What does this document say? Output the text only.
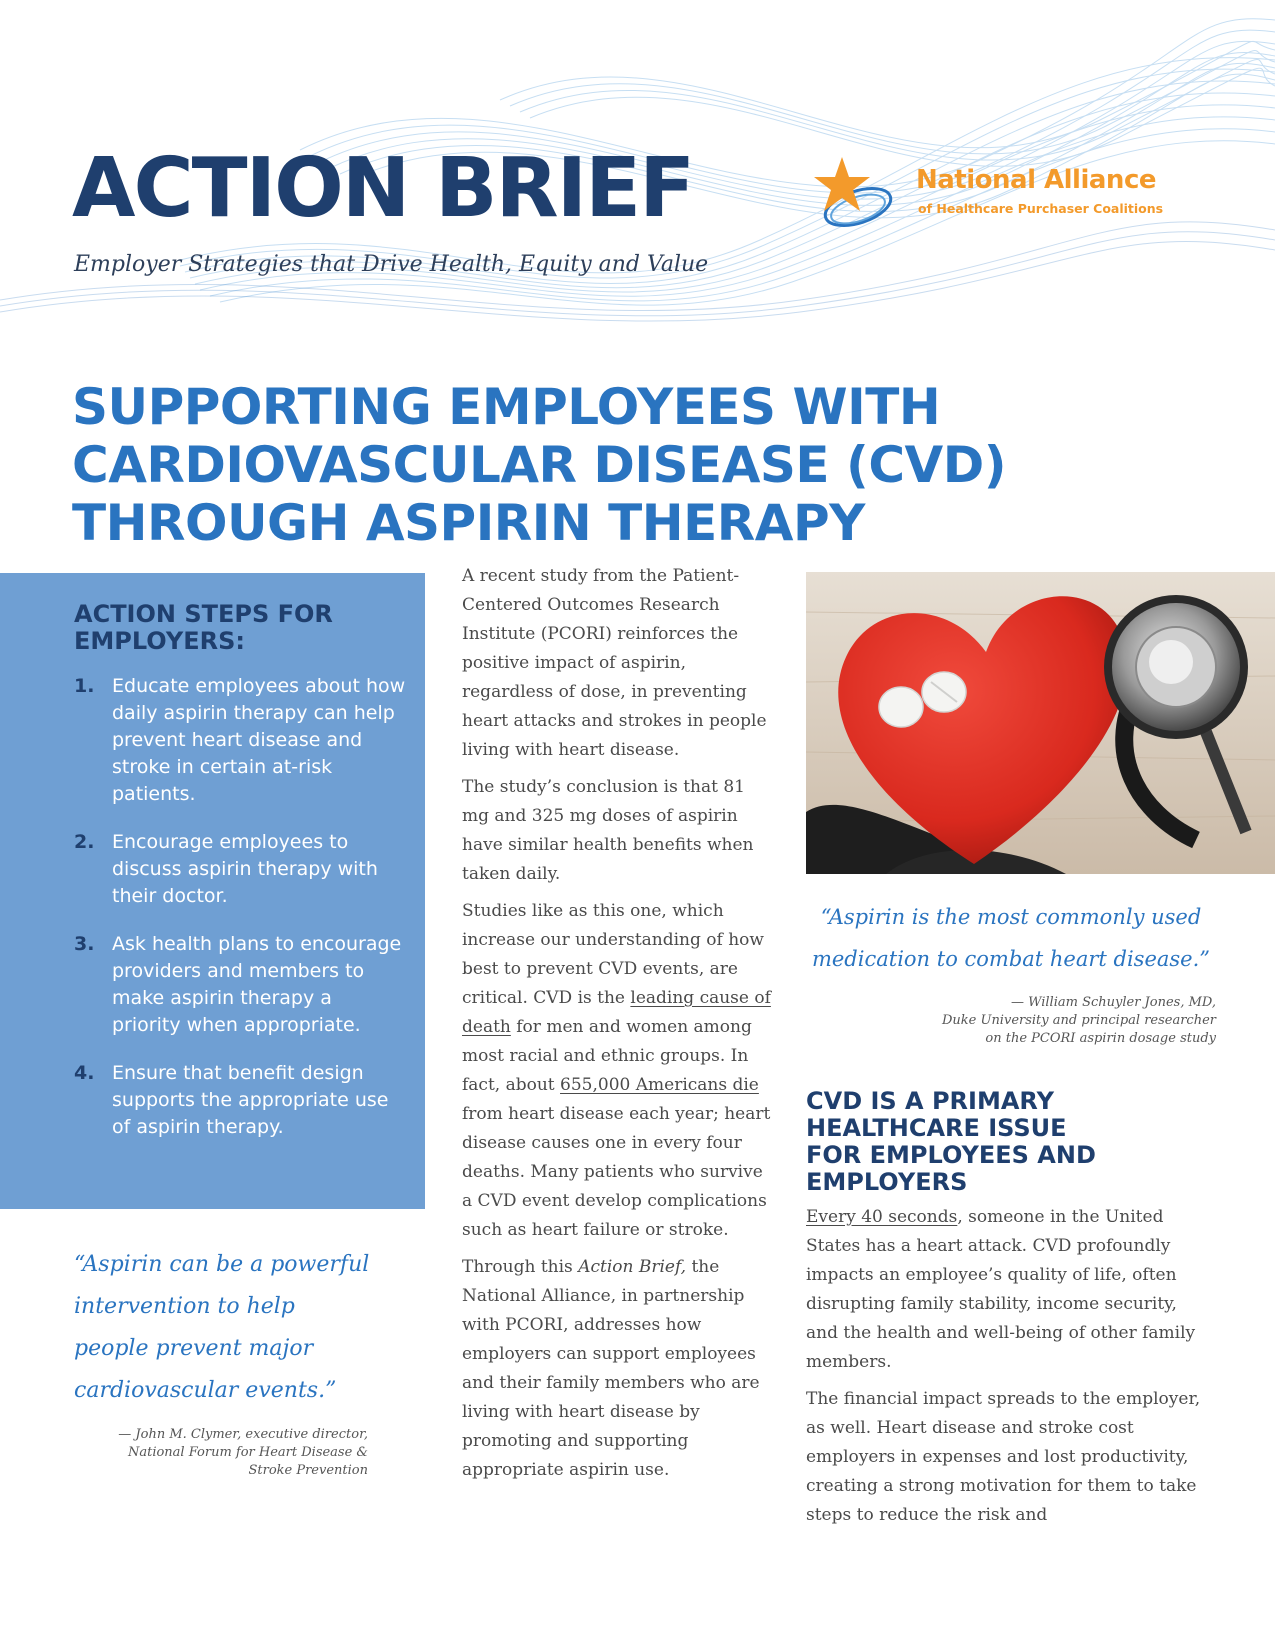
ACTION BRIEF
Employer Strategies that Drive Health, Equity and Value
National Alliance
of Healthcare Purchaser Coalitions
SUPPORTING EMPLOYEES WITH
CARDIOVASCULAR DISEASE (CVD)
THROUGH ASPIRIN THERAPY
ACTION STEPS FOR
EMPLOYERS:
1. Educate employees about how daily aspirin therapy can help prevent heart disease and stroke in certain at-risk patients.
2. Encourage employees to discuss aspirin therapy with their doctor.
3. Ask health plans to encourage providers and members to make aspirin therapy a priority when appropriate.
4. Ensure that benefit design supports the appropriate use of aspirin therapy.

“Aspirin can be a powerful
intervention to help
people prevent major
cardiovascular events.”

— John M. Clymer, executive director,
National Forum for Heart Disease &
Stroke Prevention

A recent study from the Patient-Centered Outcomes Research Institute (PCORI) reinforces the positive impact of aspirin, regardless of dose, in preventing heart attacks and strokes in people living with heart disease.

The study’s conclusion is that 81 mg and 325 mg doses of aspirin have similar health benefits when taken daily.

Studies like as this one, which increase our understanding of how best to prevent CVD events, are critical. CVD is the leading cause of death for men and women among most racial and ethnic groups. In fact, about 655,000 Americans die from heart disease each year; heart disease causes one in every four deaths. Many patients who survive a CVD event develop complications such as heart failure or stroke.

Through this Action Brief, the National Alliance, in partnership with PCORI, addresses how employers can support employees and their family members who are living with heart disease by promoting and supporting appropriate aspirin use.

“Aspirin is the most commonly used
medication to combat heart disease.”

— William Schuyler Jones, MD,
Duke University and principal researcher
on the PCORI aspirin dosage study
CVD IS A PRIMARY
HEALTHCARE ISSUE
FOR EMPLOYEES AND
EMPLOYERS

Every 40 seconds, someone in the United States has a heart attack. CVD profoundly impacts an employee’s quality of life, often disrupting family stability, income security, and the health and well-being of other family members.

The financial impact spreads to the employer, as well. Heart disease and stroke cost employers in expenses and lost productivity, creating a strong motivation for them to take steps to reduce the risk and
